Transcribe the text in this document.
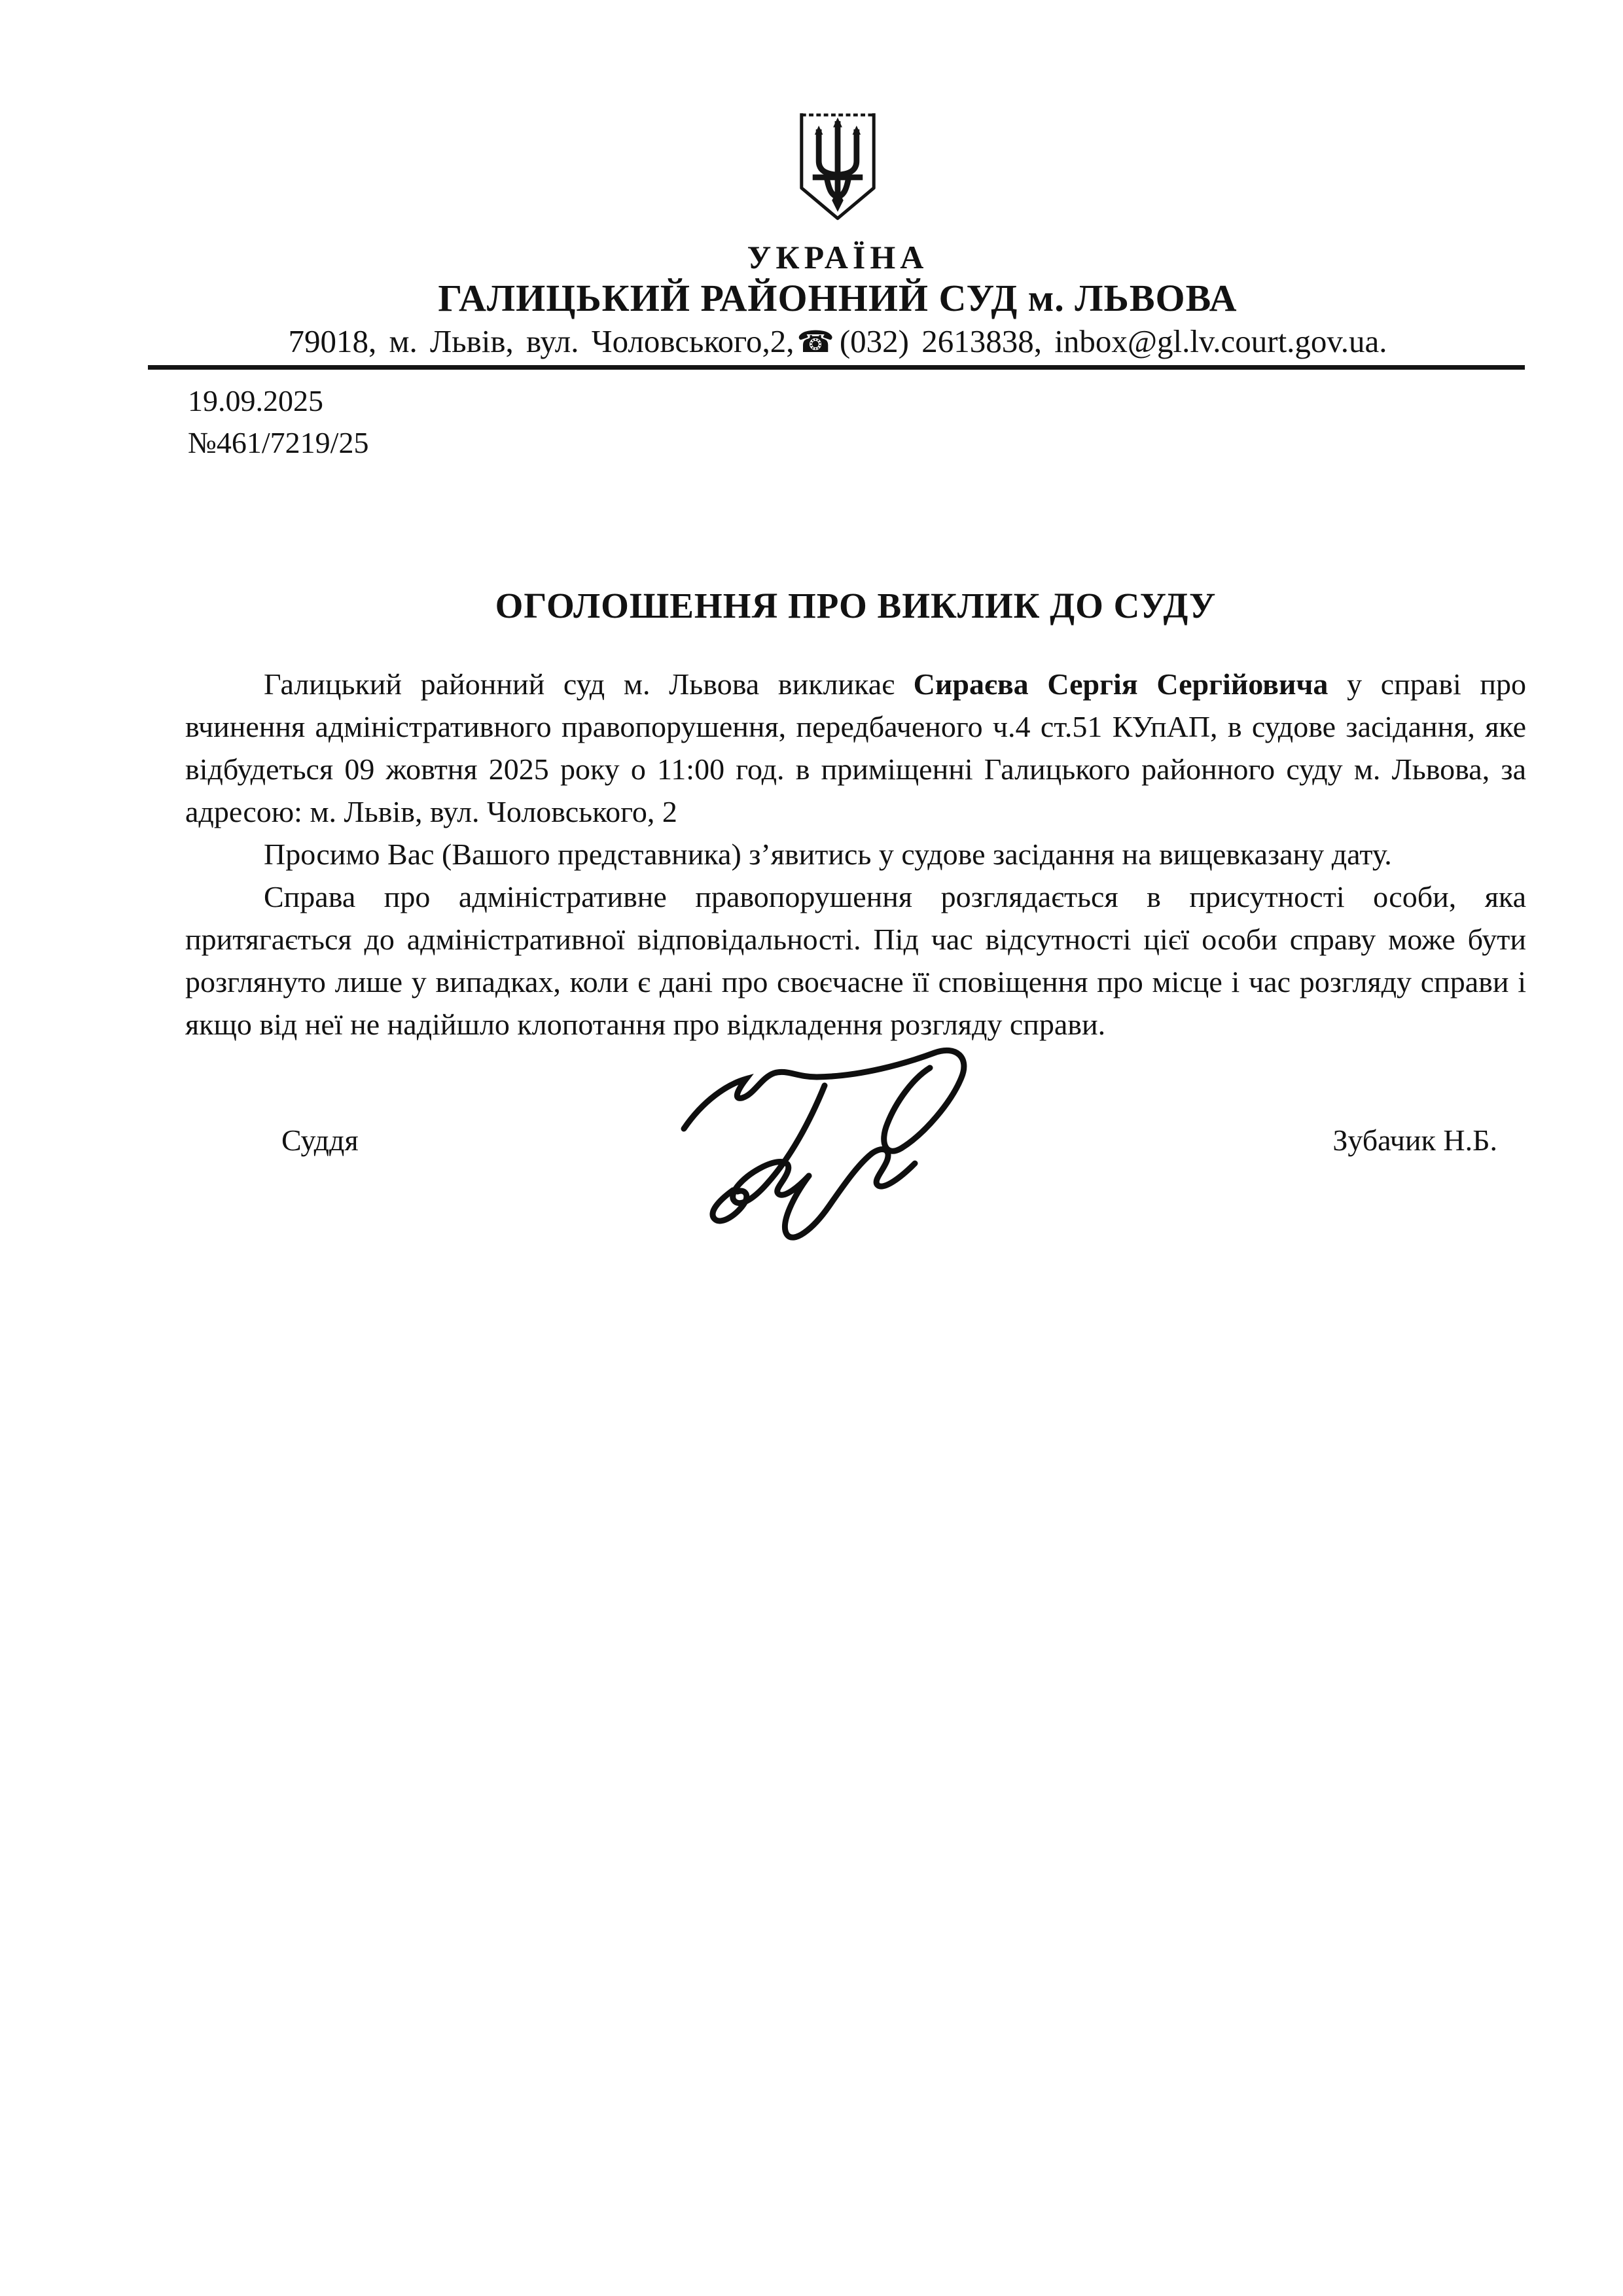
УКРАЇНА
ГАЛИЦЬКИЙ РАЙОННИЙ СУД м. ЛЬВОВА
79018, м. Львів, вул. Чоловського,2,☎ (032) 2613838, inbox@gl.lv.court.gov.ua.
19.09.2025
№461/7219/25
ОГОЛОШЕННЯ ПРО ВИКЛИК ДО СУДУ

Галицький районний суд м. Львова викликає Сираєва Сергія Сергійовича у справі про вчинення адміністративного правопорушення, передбаченого ч.4 ст.51 КУпАП, в судове засідання, яке відбудеться 09 жовтня 2025 року о 11:00 год. в приміщенні Галицького районного суду м. Львова, за адресою: м. Львів, вул. Чоловського, 2

Просимо Вас (Вашого представника) з’явитись у судове засідання на вищевказану дату.

Справа про адміністративне правопорушення розглядається в присутності особи, яка притягається до адміністративної відповідальності. Під час відсутності цієї особи справу може бути розглянуто лише у випадках, коли є дані про своєчасне її сповіщення про місце і час розгляду справи і якщо від неї не надійшло клопотання про відкладення розгляду справи.

Суддя	Зубачик Н.Б.
